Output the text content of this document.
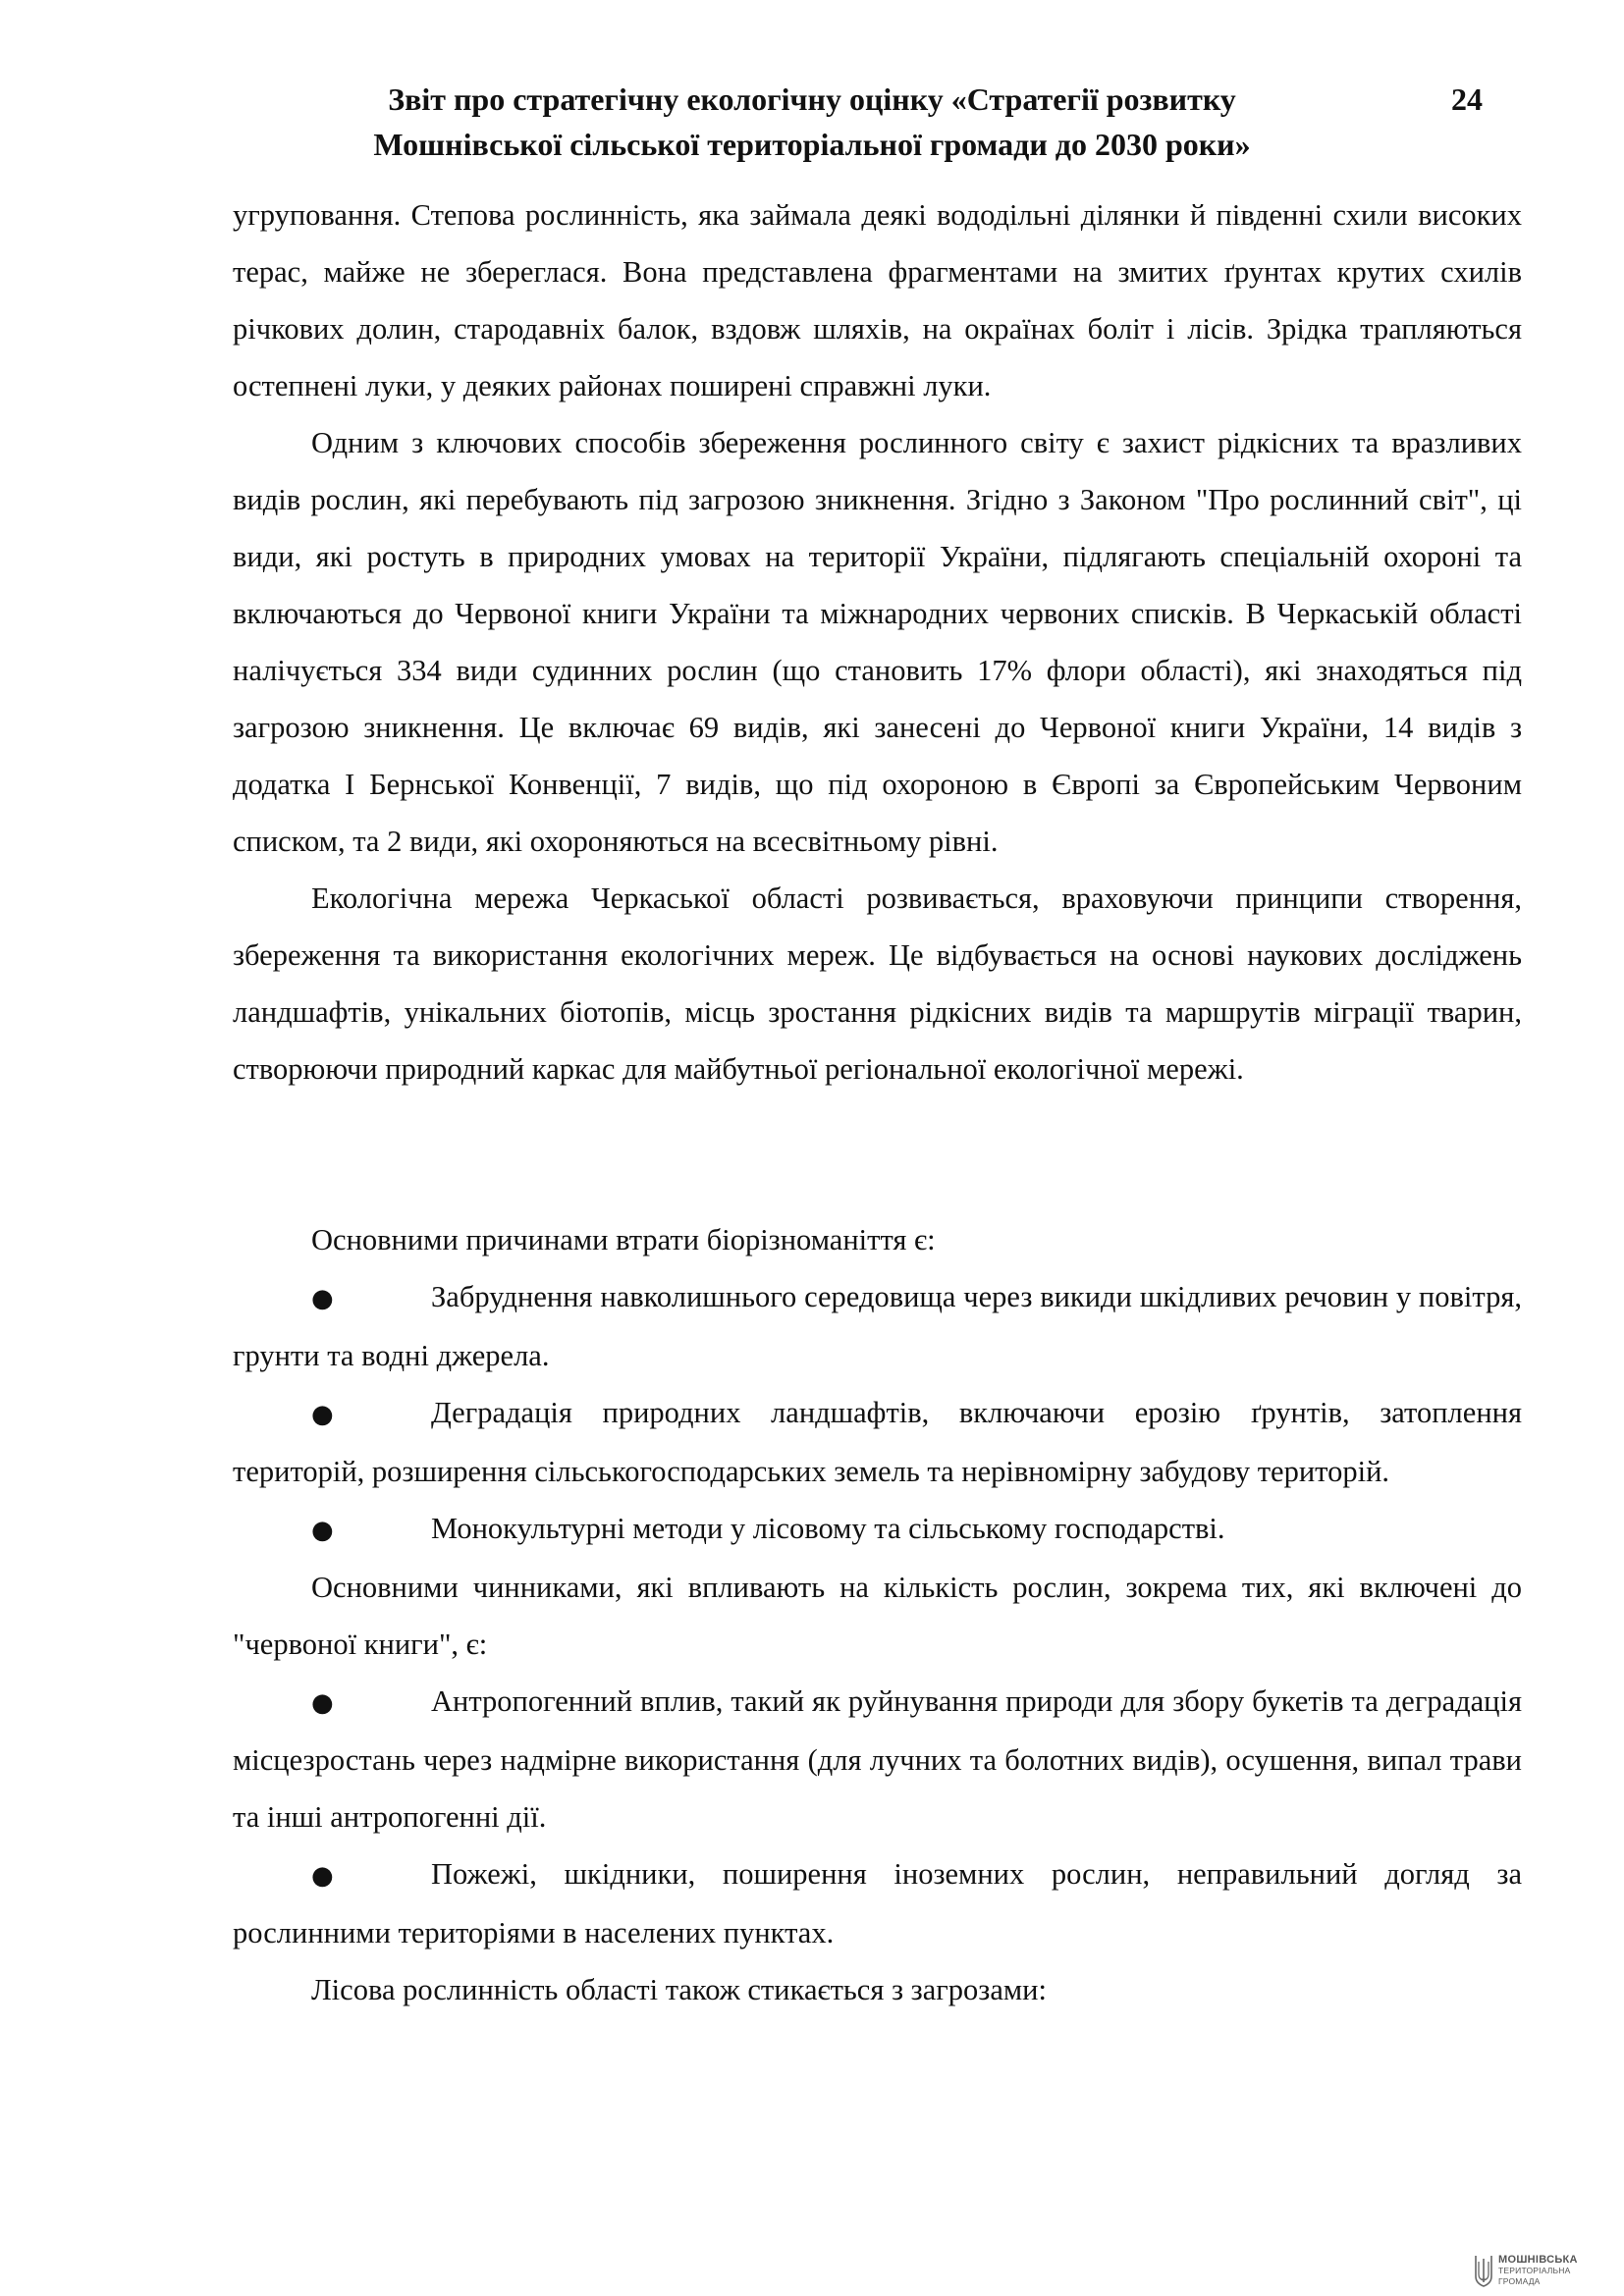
Звіт про стратегічну екологічну оцінку «Стратегії розвитку
Мошнівської сільської територіальної громади до 2030 роки»
24

угруповання. Степова рослинність, яка займала деякі вододільні ділянки й південні схили високих терас, майже не збереглася. Вона представлена фрагментами на змитих ґрунтах крутих схилів річкових долин, стародавніх балок, вздовж шляхів, на окраїнах боліт і лісів. Зрідка трапляються остепнені луки, у деяких районах поширені справжні луки.

Одним з ключових способів збереження рослинного світу є захист рідкісних та вразливих видів рослин, які перебувають під загрозою зникнення. Згідно з Законом "Про рослинний світ", ці види, які ростуть в природних умовах на території України, підлягають спеціальній охороні та включаються до Червоної книги України та міжнародних червоних списків. В Черкаській області налічується 334 види судинних рослин (що становить 17% флори області), які знаходяться під загрозою зникнення. Це включає 69 видів, які занесені до Червоної книги України, 14 видів з додатка I Бернської Конвенції, 7 видів, що під охороною в Європі за Європейським Червоним списком, та 2 види, які охороняються на всесвітньому рівні.

Екологічна мережа Черкаської області розвивається, враховуючи принципи створення, збереження та використання екологічних мереж. Це відбувається на основі наукових досліджень ландшафтів, унікальних біотопів, місць зростання рідкісних видів та маршрутів міграції тварин, створюючи природний каркас для майбутньої регіональної екологічної мережі.

Основними причинами втрати біорізноманіття є:

●	Забруднення навколишнього середовища через викиди шкідливих речовин у повітря, грунти та водні джерела.

●	Деградація природних ландшафтів, включаючи ерозію ґрунтів, затоплення територій, розширення сільськогосподарських земель та нерівномірну забудову територій.

●	Монокультурні методи у лісовому та сільському господарстві.

Основними чинниками, які впливають на кількість рослин, зокрема тих, які включені до "червоної книги", є:

●	Антропогенний вплив, такий як руйнування природи для збору букетів та деградація місцезростань через надмірне використання (для лучних та болотних видів), осушення, випал трави та інші антропогенні дії.

●	Пожежі, шкідники, поширення іноземних рослин, неправильний догляд за рослинними територіями в населених пунктах.

Лісова рослинність області також стикається з загрозами:

МОШНІВСЬКА
ТЕРИТОРІАЛЬНА
ГРОМАДА
